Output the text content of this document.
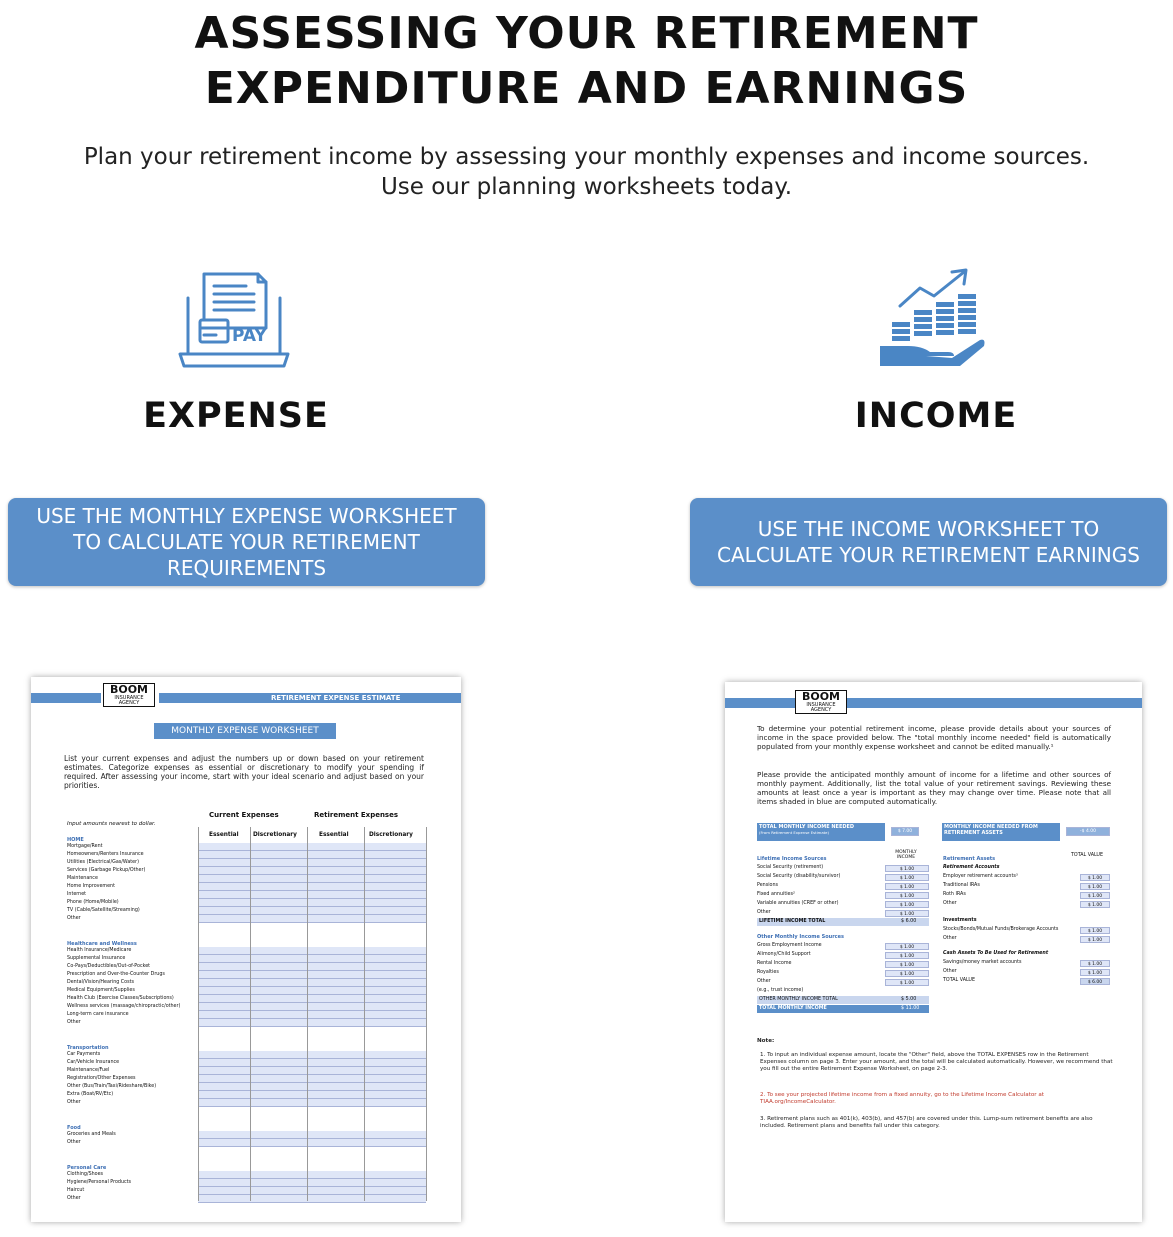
ASSESSING YOUR RETIREMENT
EXPENDITURE AND EARNINGS
Plan your retirement income by assessing your monthly expenses and income sources.
Use our planning worksheets today.
PAY
EXPENSE	INCOME
USE THE MONTHLY EXPENSE WORKSHEET TO CALCULATE YOUR RETIREMENT REQUIREMENTS
USE THE INCOME WORKSHEET TO CALCULATE YOUR RETIREMENT EARNINGS
RETIREMENT EXPENSE ESTIMATE
BOOM
INSURANCE AGENCY
MONTHLY EXPENSE WORKSHEET
List your current expenses and adjust the numbers up or down based on your retirement estimates. Categorize expenses as essential or discretionary to modify your spending if required. After assessing your income, start with your ideal scenario and adjust based on your priorities.
Current Expenses	Retirement Expenses
Input amounts nearest to dollar.
Essential Discretionary	Essential	Discretionary
HOME
Mortgage/Rent
Homeowners/Renters Insurance
Utilities (Electrical/Gas/Water)
Services (Garbage Pickup/Other)
Maintenance
Home Improvement
Internet
Phone (Home/Mobile)
TV (Cable/Satellite/Streaming)
Other
Healthcare and Wellness
Health Insurance/Medicare
Supplemental Insurance
Co-Pays/Deductibles/Out-of-Pocket
Prescription and Over-the-Counter Drugs
Dental/Vision/Hearing Costs
Medical Equipment/Supplies
Health Club (Exercise Classes/Subscriptions)
Wellness services (massage/chiropractic/other)
Long-term care insurance
Other
Transportation
Car Payments
Car/Vehicle Insurance
Maintenance/Fuel
Registration/Other Expenses
Other (Bus/Train/Taxi/Rideshare/Bike)
Extra (Boat/RV/Etc)
Other
Food
Groceries and Meals
Other
Personal Care
Clothing/Shoes
Hygiene/Personal Products
Haircut
Other
BOOM
INSURANCE AGENCY
To determine your potential retirement income, please provide details about your sources of income in the space provided below. The "total monthly income needed" field is automatically populated from your monthly expense worksheet and cannot be edited manually.¹
Please provide the anticipated monthly amount of income for a lifetime and other sources of monthly payment. Additionally, list the total value of your retirement savings. Reviewing these amounts at least once a year is important as they may change over time. Please note that all items shaded in blue are computed automatically.
TOTAL MONTHLY INCOME NEEDED
(From Retirement Expense Estimate)	$ 7.00
MONTHLY INCOME NEEDED FROM RETIREMENT ASSETS	-$ 4.00
MONTHLY INCOME	TOTAL VALUE
Lifetime Income Sources
Social Security (retirement)	$ 1.00
Social Security (disability/survivor)	$ 1.00
Pensions	$ 1.00
Fixed annuities²	$ 1.00
Variable annuities (CREF or other)	$ 1.00
Other	$ 1.00
LIFETIME INCOME TOTAL	$ 6.00
Other Monthly Income Sources
Gross Employment Income	$ 1.00
Alimony/Child Support	$ 1.00
Rental Income	$ 1.00
Royalties	$ 1.00
Other	$ 1.00
(e.g., trust income)
OTHER MONTHLY INCOME TOTAL	$ 5.00
TOTAL MONTHLY INCOME	$ 11.00
Retirement Assets
Retirement Accounts
Employer retirement accounts³	$ 1.00
Traditional IRAs	$ 1.00
Roth IRAs	$ 1.00
Other	$ 1.00
Investments
Stocks/Bonds/Mutual Funds/Brokerage Accounts	$ 1.00
Other	$ 1.00
Cash Assets To Be Used for Retirement
Savings/money market accounts	$ 1.00
Other	$ 1.00
TOTAL VALUE	$ 6.00
Note:
1. To input an individual expense amount, locate the "Other" field, above the TOTAL EXPENSES row in the Retirement Expenses column on page 3. Enter your amount, and the total will be calculated automatically. However, we recommend that you fill out the entire Retirement Expense Worksheet, on page 2-3.
2. To see your projected lifetime income from a fixed annuity, go to the Lifetime Income Calculator at TIAA.org/IncomeCalculator.
3. Retirement plans such as 401(k), 403(b), and 457(b) are covered under this. Lump-sum retirement benefits are also included. Retirement plans and benefits fall under this category.
